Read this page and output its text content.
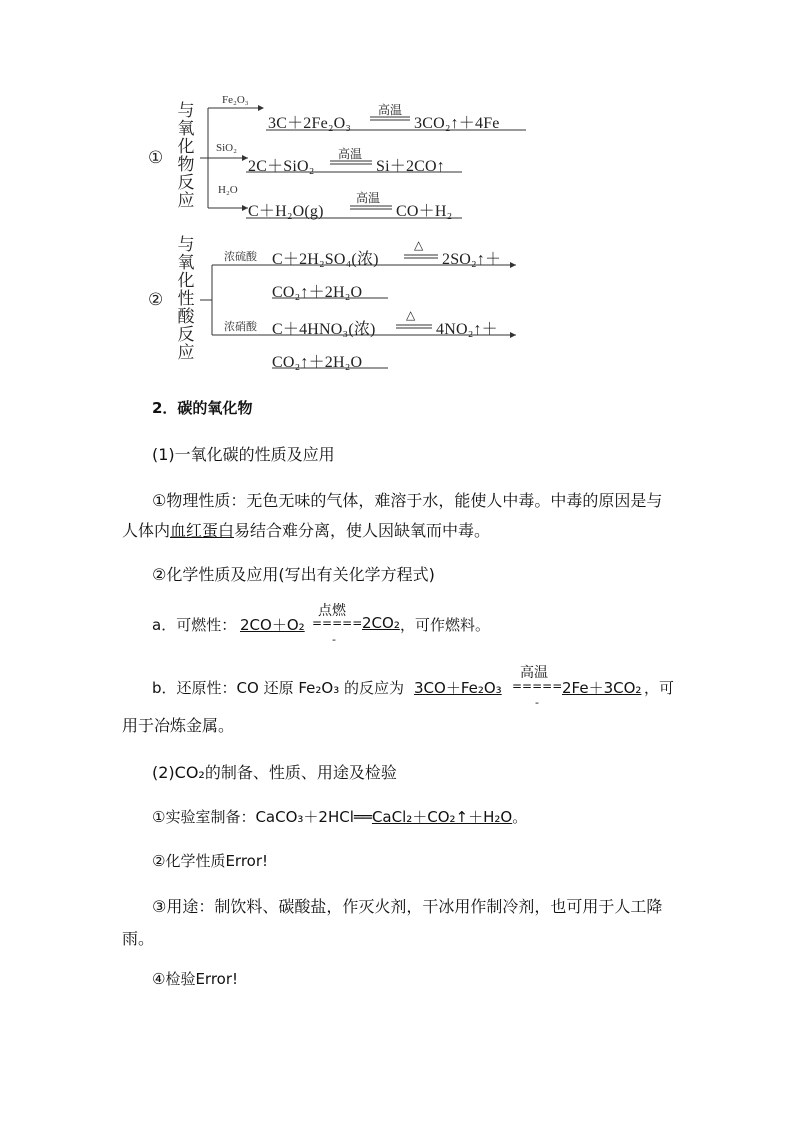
①
与
氧
化
物
反
应
Fe₂O₃
3C＋2Fe₂O₃
高温
3CO₂↑＋4Fe
SiO₂
2C＋SiO₂
高温
Si＋2CO↑
H₂O
C＋H₂O(g)
高温
CO＋H₂
②
与
氧
化
性
酸
反
应
浓硫酸 C＋2H₂SO₄(浓)
△
2SO₂↑＋
CO₂↑＋2H₂O
浓硝酸 C＋4HNO₃(浓)
△
4NO₂↑＋
CO₂↑＋2H₂O
2．碳的氧化物
(1)一氧化碳的性质及应用
①物理性质：无色无味的气体，难溶于水，能使人中毒。中毒的原因是与
人体内血红蛋白易结合难分离，使人因缺氧而中毒。
②化学性质及应用(写出有关化学方程式)
a．可燃性： 2CO＋O₂
点燃
=====
-
2CO₂ ，可作燃料。
b．还原性：CO 还原 Fe₂O₃ 的反应为 3CO＋Fe₂O₃
高温
=====
-
2Fe＋3CO₂ ，可
用于冶炼金属。
(2)CO₂的制备、性质、用途及检验
①实验室制备：CaCO₃＋2HCl══CaCl₂＋CO₂↑＋H₂O。
②化学性质Error!
③用途：制饮料、碳酸盐，作灭火剂，干冰用作制冷剂，也可用于人工降
雨。
④检验Error!
